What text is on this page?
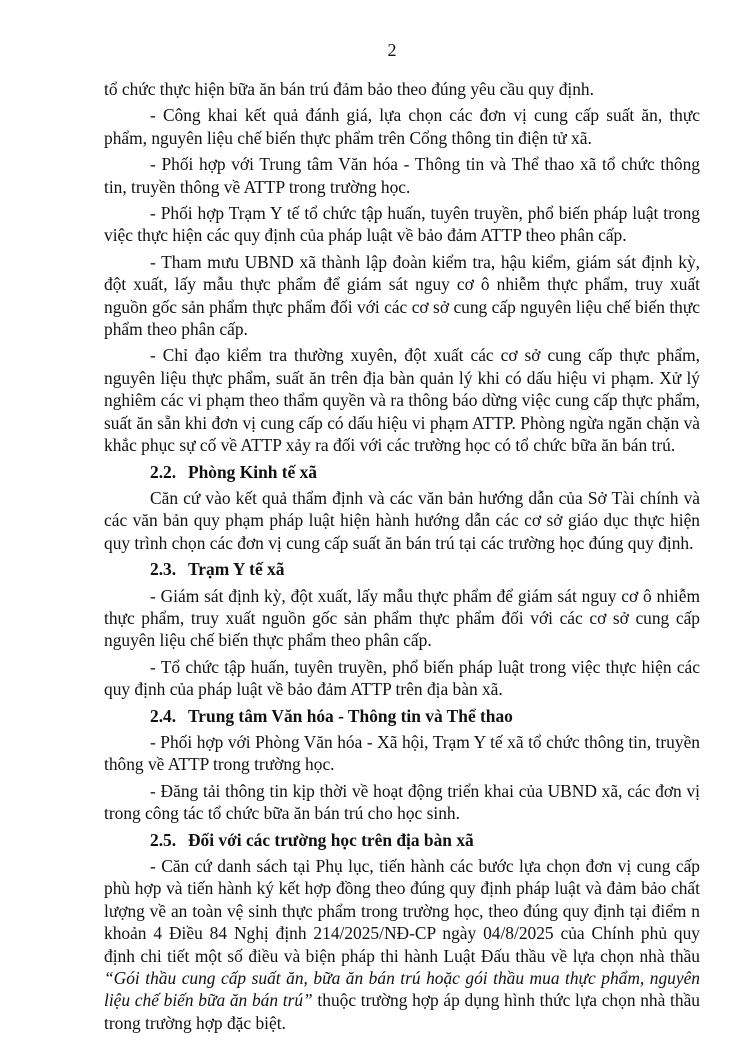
2

tổ chức thực hiện bữa ăn bán trú đảm bảo theo đúng yêu cầu quy định.

- Công khai kết quả đánh giá, lựa chọn các đơn vị cung cấp suất ăn, thực phẩm, nguyên liệu chế biến thực phẩm trên Cổng thông tin điện tử xã.

- Phối hợp với Trung tâm Văn hóa - Thông tin và Thể thao xã tổ chức thông tin, truyền thông về ATTP trong trường học.

- Phối hợp Trạm Y tế tổ chức tập huấn, tuyên truyền, phổ biến pháp luật trong việc thực hiện các quy định của pháp luật về bảo đảm ATTP theo phân cấp.

- Tham mưu UBND xã thành lập đoàn kiểm tra, hậu kiểm, giám sát định kỳ, đột xuất, lấy mẫu thực phẩm để giám sát nguy cơ ô nhiễm thực phẩm, truy xuất nguồn gốc sản phẩm thực phẩm đối với các cơ sở cung cấp nguyên liệu chế biến thực phẩm theo phân cấp.

- Chỉ đạo kiểm tra thường xuyên, đột xuất các cơ sở cung cấp thực phẩm, nguyên liệu thực phẩm, suất ăn trên địa bàn quản lý khi có dấu hiệu vi phạm. Xử lý nghiêm các vi phạm theo thẩm quyền và ra thông báo dừng việc cung cấp thực phẩm, suất ăn sẵn khi đơn vị cung cấp có dấu hiệu vi phạm ATTP. Phòng ngừa ngăn chặn và khắc phục sự cố về ATTP xảy ra đối với các trường học có tổ chức bữa ăn bán trú.

2.2. Phòng Kinh tế xã

Căn cứ vào kết quả thẩm định và các văn bản hướng dẫn của Sở Tài chính và các văn bản quy phạm pháp luật hiện hành hướng dẫn các cơ sở giáo dục thực hiện quy trình chọn các đơn vị cung cấp suất ăn bán trú tại các trường học đúng quy định.

2.3. Trạm Y tế xã

- Giám sát định kỳ, đột xuất, lấy mẫu thực phẩm để giám sát nguy cơ ô nhiễm thực phẩm, truy xuất nguồn gốc sản phẩm thực phẩm đối với các cơ sở cung cấp nguyên liệu chế biến thực phẩm theo phân cấp.

- Tổ chức tập huấn, tuyên truyền, phổ biến pháp luật trong việc thực hiện các quy định của pháp luật về bảo đảm ATTP trên địa bàn xã.

2.4. Trung tâm Văn hóa - Thông tin và Thể thao

- Phối hợp với Phòng Văn hóa - Xã hội, Trạm Y tế xã tổ chức thông tin, truyền thông về ATTP trong trường học.

- Đăng tải thông tin kịp thời về hoạt động triển khai của UBND xã, các đơn vị trong công tác tổ chức bữa ăn bán trú cho học sinh.

2.5. Đối với các trường học trên địa bàn xã

- Căn cứ danh sách tại Phụ lục, tiến hành các bước lựa chọn đơn vị cung cấp phù hợp và tiến hành ký kết hợp đồng theo đúng quy định pháp luật và đảm bảo chất lượng về an toàn vệ sinh thực phẩm trong trường học, theo đúng quy định tại điểm n khoản 4 Điều 84 Nghị định 214/2025/NĐ-CP ngày 04/8/2025 của Chính phủ quy định chi tiết một số điều và biện pháp thi hành Luật Đấu thầu về lựa chọn nhà thầu “Gói thầu cung cấp suất ăn, bữa ăn bán trú hoặc gói thầu mua thực phẩm, nguyên liệu chế biến bữa ăn bán trú” thuộc trường hợp áp dụng hình thức lựa chọn nhà thầu trong trường hợp đặc biệt.
